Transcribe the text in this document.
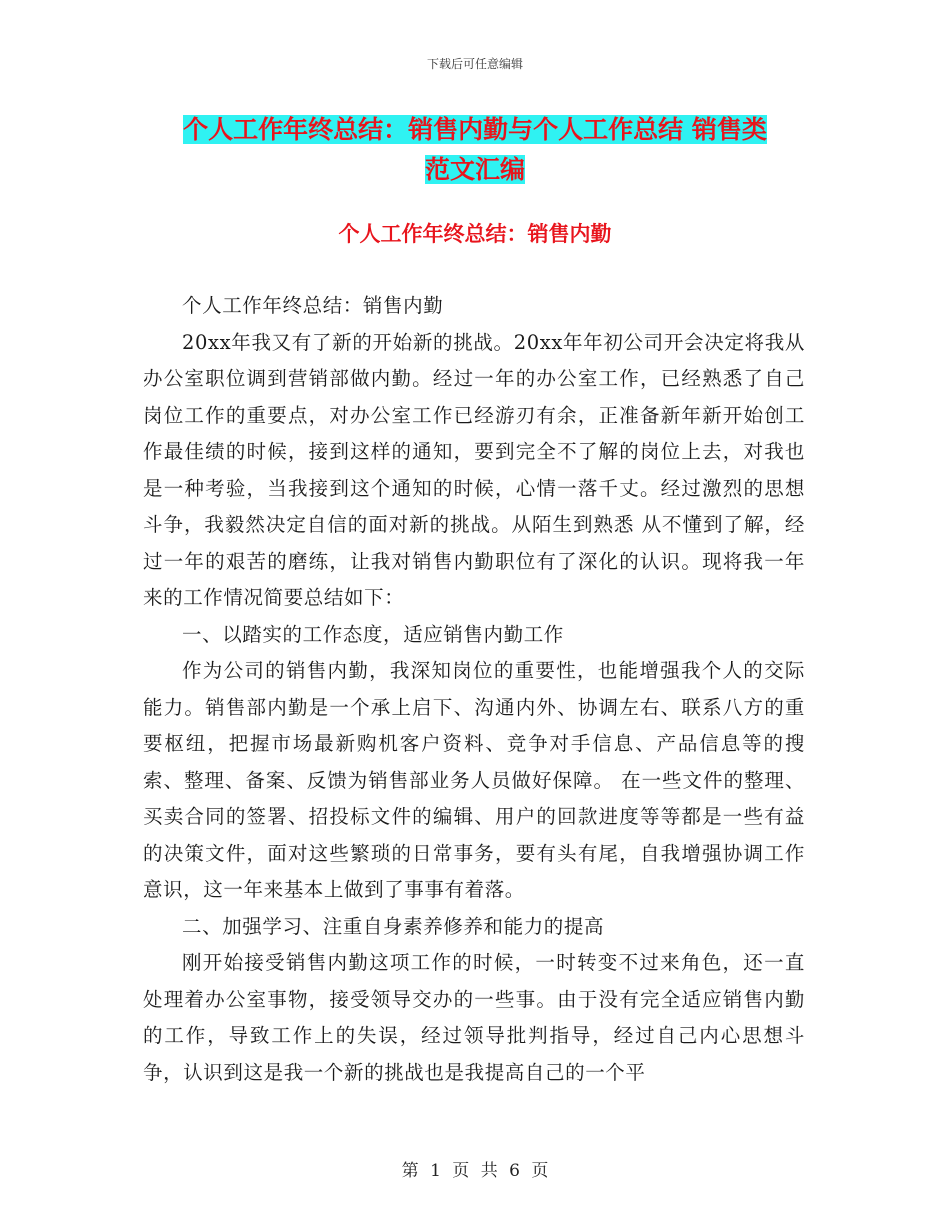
下载后可任意编辑
个人工作年终总结：销售内勤与个人工作总结 销售类
范文汇编
个人工作年终总结：销售内勤

个人工作年终总结：销售内勤

20xx年我又有了新的开始新的挑战。20xx年年初公司开会决定将我从办公室职位调到营销部做内勤。经过一年的办公室工作，已经熟悉了自己岗位工作的重要点，对办公室工作已经游刃有余，正准备新年新开始创工作最佳绩的时候，接到这样的通知，要到完全不了解的岗位上去，对我也是一种考验，当我接到这个通知的时候，心情一落千丈。经过激烈的思想斗争，我毅然决定自信的面对新的挑战。从陌生到熟悉 从不懂到了解，经过一年的艰苦的磨练，让我对销售内勤职位有了深化的认识。现将我一年来的工作情况简要总结如下：

一、以踏实的工作态度，适应销售内勤工作

作为公司的销售内勤，我深知岗位的重要性，也能增强我个人的交际能力。销售部内勤是一个承上启下、沟通内外、协调左右、联系八方的重要枢纽，把握市场最新购机客户资料、竞争对手信息、产品信息等的搜索、整理、备案、反馈为销售部业务人员做好保障。 在一些文件的整理、买卖合同的签署、招投标文件的编辑、用户的回款进度等等都是一些有益的决策文件，面对这些繁琐的日常事务，要有头有尾，自我增强协调工作意识，这一年来基本上做到了事事有着落。

二、加强学习、注重自身素养修养和能力的提高

刚开始接受销售内勤这项工作的时候，一时转变不过来角色，还一直处理着办公室事物，接受领导交办的一些事。由于没有完全适应销售内勤的工作，导致工作上的失误，经过领导批判指导，经过自己内心思想斗争，认识到这是我一个新的挑战也是我提高自己的一个平

第 1 页 共 6 页
